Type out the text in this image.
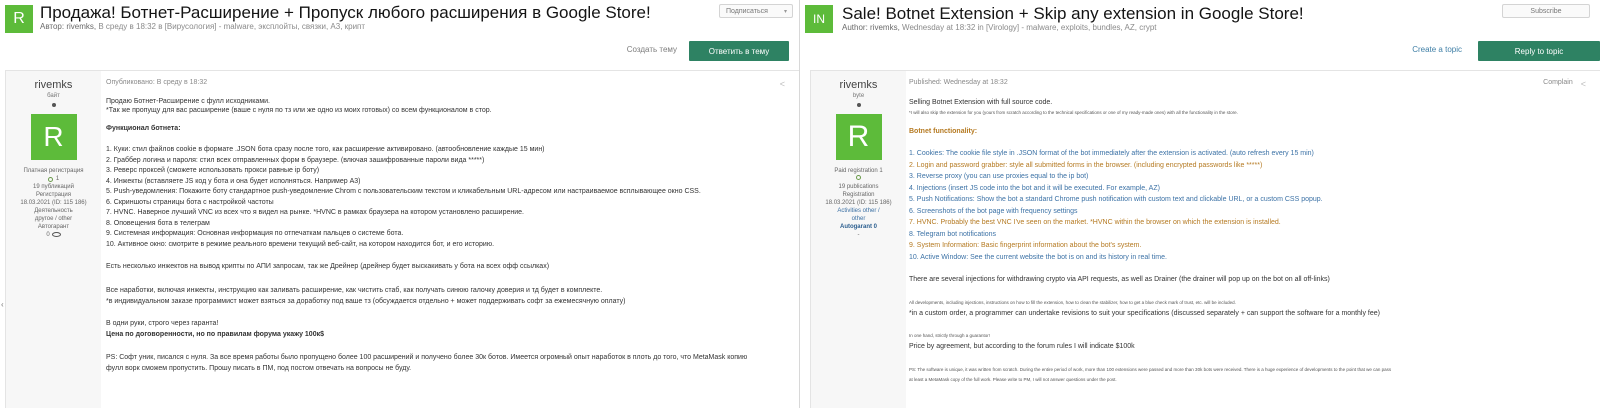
R Продажа! Ботнет-Расширение + Пропуск любого расширения в Google Store!
Автор: rivemks, В среду в 18:32 в [Вирусология] - malware, эксплойты, связки, A3, крипт
Подписаться	▾
Создать тему	Ответить в тему
rivemks
байт
R
Платная регистрация
1
19 публикаций
Регистрация
18.03.2021 (ID: 115 186)
Деятельность
другое / other
Автогарант
0
Опубликовано: В среду в 18:32	<
Продаю Ботнет-Расширение с фулл исходниками.
*Так же пропущу для вас расширение (ваше с нуля по тз или же одно из моих готовых) со всем функционалом в стор.
Функционал ботнета:
1. Куки: стил файлов cookie в формате .JSON бота сразу после того, как расширение активировано. (автообновление каждые 15 мин)
2. Граббер логина и пароля: стил всех отправленных форм в браузере. (влючая зашифрованные пароли вида *****)
3. Реверс проксей (сможете использовать прокси равные ip боту)
4. Инжекты (вставляете JS код у бота и она будет исполняться. Например A3)
5. Push-уведомления: Покажите боту стандартное push-уведомление Chrom с пользовательским текстом и кликабельным URL-адресом или настраиваемое всплывающее окно CSS.
6. Скриншоты страницы бота с настройкой частоты
7. HVNC. Наверное лучший VNC из всех что я видел на рынке. *HVNC в рамках браузера на котором установлено расширение.
8. Оповещения бота в телеграм
9. Системная информация: Основная информация по отпечаткам пальцев о системе бота.
10. Активное окно: смотрите в режиме реального времени текущий веб-сайт, на котором находится бот, и его историю.
Есть несколько инжектов на вывод крипты по АПИ запросам, так же Дрейнер (дрейнер будет выскакивать у бота на всех офф ссылках)
Все наработки, включая инжекты, инструкцию как заливать расширение, как чистить стаб, как получать синюю галочку доверия и тд будет в комплекте.
*в индивидуальном заказе программист может взяться за доработку под ваше тз (обсуждается отдельно + может поддерживать софт за ежемесячную оплату)
В одни руки, строго через гаранта!
Цена по договоренности, но по правилам форума укажу 100к$
PS: Софт уник, писался с нуля. За все время работы было пропущено более 100 расширений и получено более 30к ботов. Имеется огромный опыт наработок в плоть до того, что MetaMask копию
фулл ворк сможем пропустить. Прошу писать в ПМ, под постом отвечать на вопросы не буду.
‹
IN	Sale! Botnet Extension + Skip any extension in Google Store!
Author: rivemks, Wednesday at 18:32 in [Virology] - malware, exploits, bundles, AZ, crypt
Subscribe
Create a topic	Reply to topic
rivemks
byte
R
Paid registration 1
19 publications
Registration
18.03.2021 (ID: 115 186)
Activities other /
other
Autogarant 0
-
Published: Wednesday at 18:32	Complain <
Selling Botnet Extension with full source code.
*I will also skip the extension for you (yours from scratch according to the technical specifications or one of my ready-made ones) with all the functionality in the store.
Botnet functionality:
1. Cookies: The cookie file style in .JSON format of the bot immediately after the extension is activated. (auto refresh every 15 min)
2. Login and password grabber: style all submitted forms in the browser. (including encrypted passwords like *****)
3. Reverse proxy (you can use proxies equal to the ip bot)
4. Injections (insert JS code into the bot and it will be executed. For example, AZ)
5. Push Notifications: Show the bot a standard Chrome push notification with custom text and clickable URL, or a custom CSS popup.
6. Screenshots of the bot page with frequency settings
7. HVNC. Probably the best VNC I've seen on the market. *HVNC within the browser on which the extension is installed.
8. Telegram bot notifications
9. System Information: Basic fingerprint information about the bot's system.
10. Active Window: See the current website the bot is on and its history in real time.
There are several injections for withdrawing crypto via API requests, as well as Drainer (the drainer will pop up on the bot on all off-links)
All developments, including injections, instructions on how to fill the extension, how to clean the stabilizer, how to get a blue check mark of trust, etc. will be included.
*in a custom order, a programmer can undertake revisions to suit your specifications (discussed separately + can support the software for a monthly fee)
In one hand, strictly through a guarantor!
Price by agreement, but according to the forum rules I will indicate $100k
PS: The software is unique, it was written from scratch. During the entire period of work, more than 100 extensions were passed and more than 30k bots were received. There is a huge experience of developments to the point that we can pass
at least a MetaMask copy of the full work. Please write to PM, I will not answer questions under the post.
